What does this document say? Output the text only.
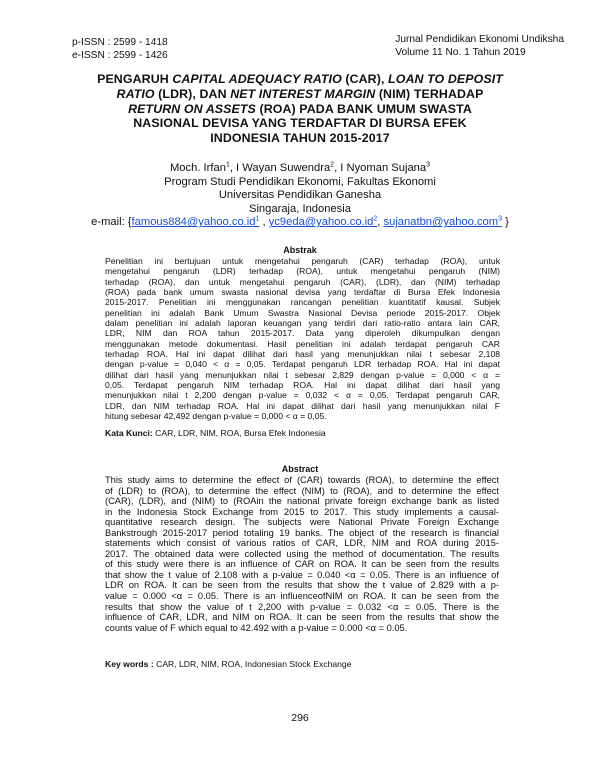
p-ISSN : 2599 - 1418
e-ISSN : 2599 - 1426
Jurnal Pendidikan Ekonomi Undiksha
Volume 11 No. 1 Tahun 2019
PENGARUH CAPITAL ADEQUACY RATIO (CAR), LOAN TO DEPOSIT
RATIO (LDR), DAN NET INTEREST MARGIN (NIM) TERHADAP
RETURN ON ASSETS (ROA) PADA BANK UMUM SWASTA
NASIONAL DEVISA YANG TERDAFTAR DI BURSA EFEK
INDONESIA TAHUN 2015-2017
Moch. Irfan$^1$, I Wayan Suwendra$^2$, I Nyoman Sujana$^3$
Program Studi Pendidikan Ekonomi, Fakultas Ekonomi
Universitas Pendidikan Ganesha
Singaraja, Indonesia
e-mail: {$famous884@yahoo.co.id^1$ , $yc9eda@yahoo.co.id^2$, sujanatbn@yahoo.com$^3$ }
Abstrak
Penelitian ini bertujuan untuk mengetahui pengaruh (CAR) terhadap (ROA), untuk
mengetahui pengaruh (LDR) terhadap (ROA), untuk mengetahui pengaruh (NIM)
terhadap (ROA), dan untuk mengetahui pengaruh (CAR), (LDR), dan (NIM) terhadap
(ROA) pada bank umum swasta nasional devisa yang terdaftar di Bursa Efek Indonesia
2015-2017. Penelitian ini menggunakan rancangan penelitian kuantitatif kausal. Subjek
penelitian ini adalah Bank Umum Swastra Nasional Devisa periode 2015-2017. Objek
dalam penelitian ini adalah laporan keuangan yang terdiri dari ratio-ratio antara lain CAR,
LDR, NIM dan ROA tahun 2015-2017. Data yang diperoleh dikumpulkan dengan
menggunakan metode dokumentasi. Hasil penelitian ini adalah terdapat pengaruh CAR
terhadap ROA. Hal ini dapat dilihat dari hasil yang menunjukkan nilai t sebesar 2,108
dengan p-value = 0,040 < α = 0,05. Terdapat pengaruh LDR terhadap ROA. Hal ini dapat
dilihat dari hasil yang menunjukkan nilai t sebesar 2,829 dengan p-value = 0,000 < α =
0,05. Terdapat pengaruh NIM terhadap ROA. Hal ini dapat dilihat dari hasil yang
menunjukkan nilai t 2,200 dengan p-value = 0,032 < α = 0,05. Terdapat pengaruh CAR,
LDR, dan NIM terhadap ROA. Hal ini dapat dilihat dari hasil yang menunjukkan nilai F
hitung sebesar 42,492 dengan p-value = 0,000 < α = 0,05.
Kata Kunci: CAR, LDR, NIM, ROA, Bursa Efek Indonesia
Abstract
This study aims to determine the effect of (CAR) towards (ROA), to determine the effect
of (LDR) to (ROA), to determine the effect (NIM) to (ROA), and to determine the effect
(CAR), (LDR), and (NIM) to (ROAin the national private foreign exchange bank as listed
in the Indonesia Stock Exchange from 2015 to 2017. This study implements a causal-
quantitative research design. The subjects were National Private Foreign Exchange
Bankstrough 2015-2017 period totaling 19 banks. The object of the research is financial
statements which consist of various ratios of CAR, LDR, NIM and ROA during 2015-
2017. The obtained data were collected using the method of documentation. The results
of this study were there is an influence of CAR on ROA. It can be seen from the results
that show the t value of 2.108 with a p-value = 0.040 <α = 0.05. There is an influence of
LDR on ROA. It can be seen from the results that show the t value of 2.829 with a p-
value = 0.000 <α = 0.05. There is an influenceofNIM on ROA. It can be seen from the
results that show the value of t 2,200 with p-value = 0.032 <α = 0.05. There is the
influence of CAR, LDR, and NIM on ROA. It can be seen from the results that show the
counts value of F which equal to 42.492 with a p-value = 0.000 <α = 0.05.
Key words : CAR, LDR, NIM, ROA, Indonesian Stock Exchange
296
